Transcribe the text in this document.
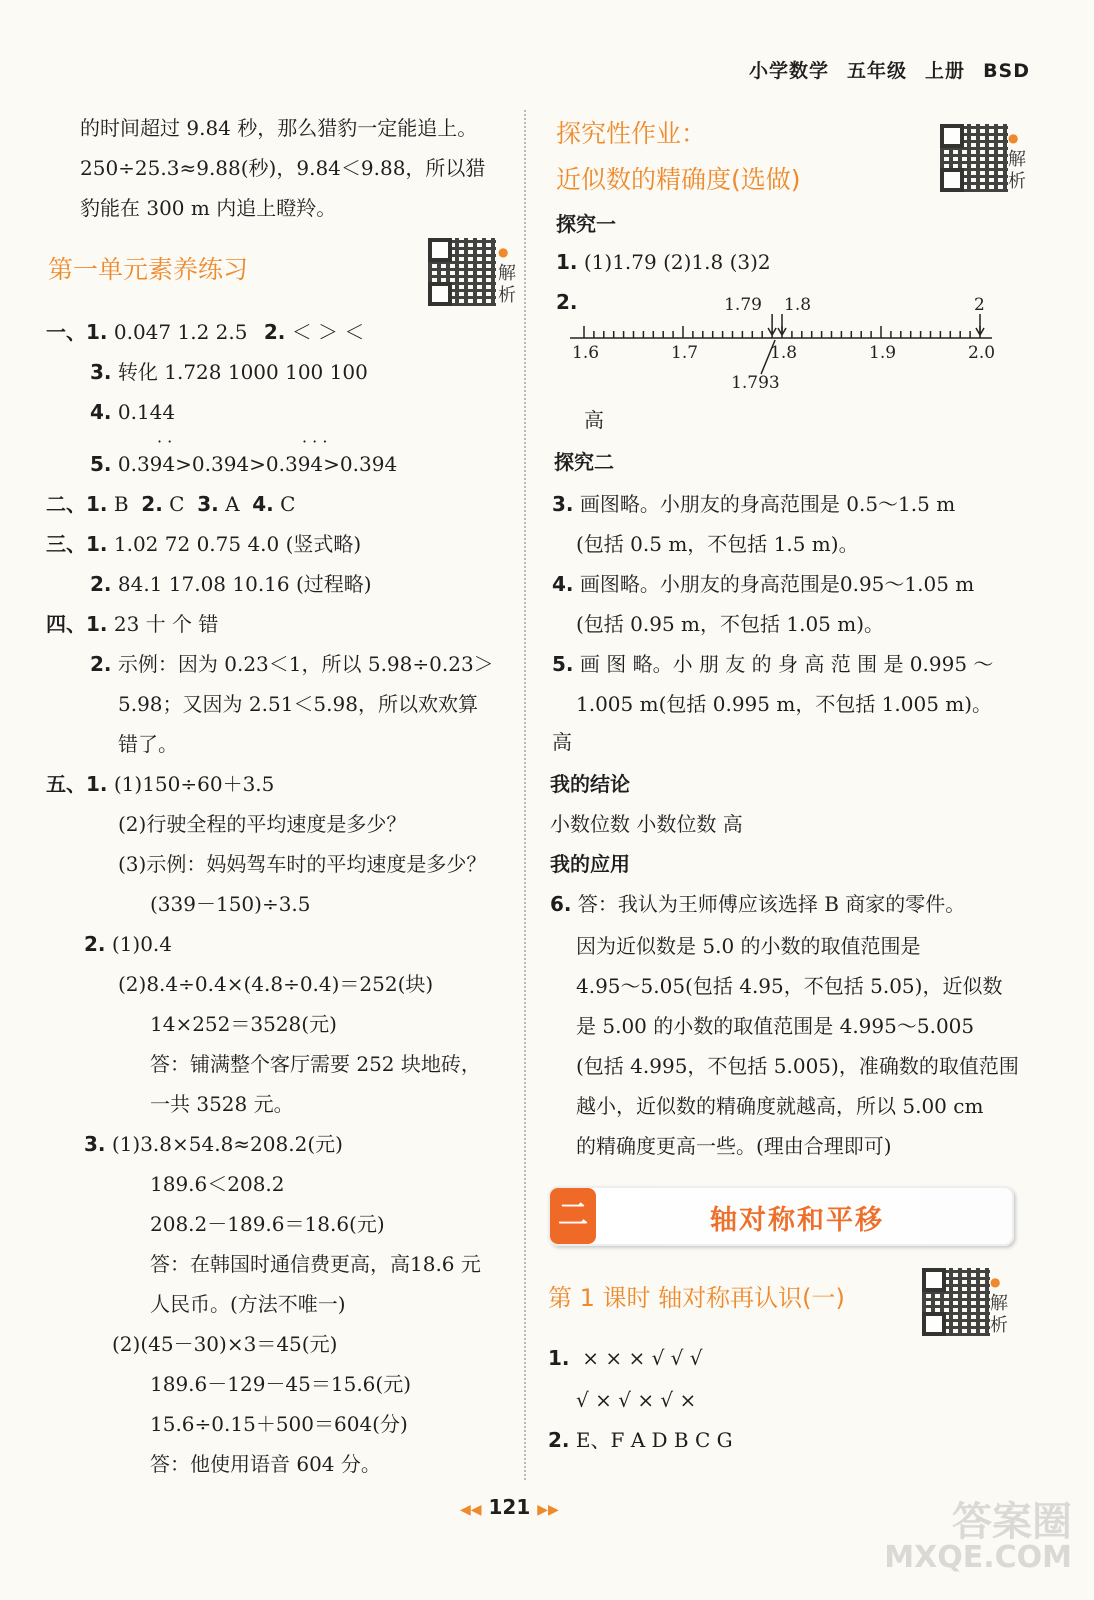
小学数学 五年级 上册 BSD
的时间超过 9.84 秒，那么猎豹一定能追上。
250÷25.3≈9.88(秒)，9.84＜9.88，所以猎
豹能在 300 m 内追上瞪羚。
第一单元素养练习
●
解
析
一、1. 0.047 1.2 2.5 2. ＜ ＞ ＜
3. 转化 1.728 1000 100 100
4. 0.144
· ·	· · ·
5. 0.394>0.394>0.394>0.394
二、1. B 2. C 3. A 4. C
三、1. 1.02 72 0.75 4.0 (竖式略)
2. 84.1 17.08 10.16 (过程略)
四、1. 23 十 个 错
2. 示例：因为 0.23＜1，所以 5.98÷0.23＞
5.98；又因为 2.51＜5.98，所以欢欢算
错了。
五、1. (1)150÷60＋3.5
(2)行驶全程的平均速度是多少？
(3)示例：妈妈驾车时的平均速度是多少？
(339－150)÷3.5
2. (1)0.4
(2)8.4÷0.4×(4.8÷0.4)＝252(块)
14×252＝3528(元)
答：铺满整个客厅需要 252 块地砖，
一共 3528 元。
3. (1)3.8×54.8≈208.2(元)
189.6＜208.2
208.2－189.6＝18.6(元)
答：在韩国时通信费更高，高18.6 元
人民币。(方法不唯一)
(2)(45－30)×3＝45(元)
189.6－129－45＝15.6(元)
15.6÷0.15＋500＝604(分)
答：他使用语音 604 分。
探究性作业：
近似数的精确度(选做)
●
解
析
探究一
1. (1)1.79 (2)1.8 (3)2
2.
1.6	1.7	1.8	1.9	2.0
1.79 1.8	2
1.793
高
探究二
3. 画图略。小朋友的身高范围是 0.5～1.5 m
(包括 0.5 m，不包括 1.5 m)。
4. 画图略。小朋友的身高范围是0.95～1.05 m
(包括 0.95 m，不包括 1.05 m)。
5. 画 图 略。小 朋 友 的 身 高 范 围 是 0.995 ～
1.005 m(包括 0.995 m，不包括 1.005 m)。
高
我的结论
小数位数 小数位数 高
我的应用
6. 答：我认为王师傅应该选择 B 商家的零件。
因为近似数是 5.0 的小数的取值范围是
4.95～5.05(包括 4.95，不包括 5.05)，近似数
是 5.00 的小数的取值范围是 4.995～5.005
(包括 4.995，不包括 5.005)，准确数的取值范围
越小，近似数的精确度就越高，所以 5.00 cm
的精确度更高一些。(理由合理即可)
二	轴对称和平移
第 1 课时 轴对称再认识(一)
●
解
析
1. × × × √ √ √
√ × √ × √ ×
2. E、F A D B C G
◀◀ 121 ▶▶	答案圈
MXQE.COM
